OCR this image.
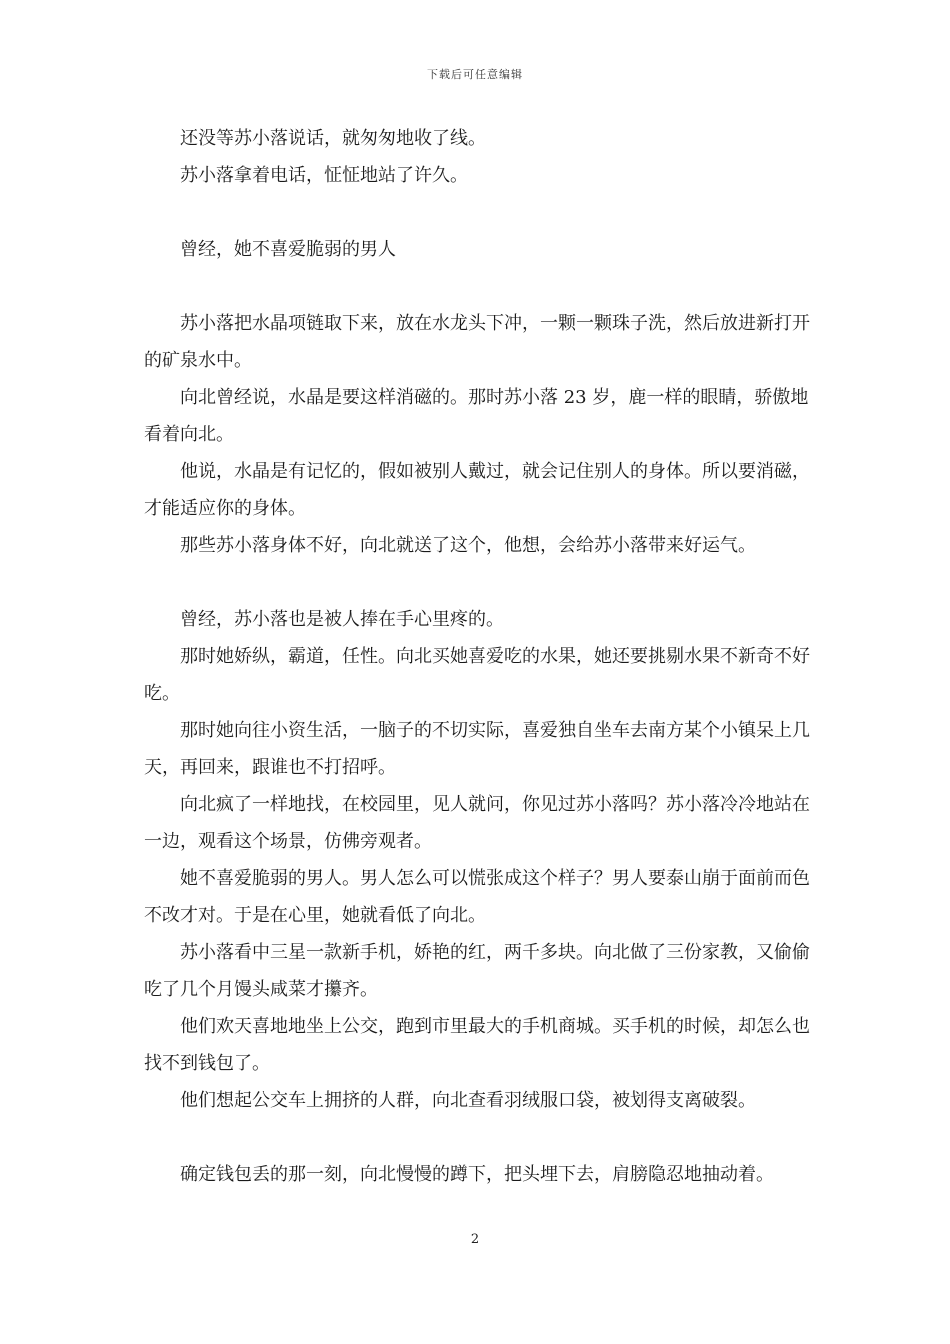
下载后可任意编辑

还没等苏小落说话，就匆匆地收了线。

苏小落拿着电话，怔怔地站了许久。

曾经，她不喜爱脆弱的男人

苏小落把水晶项链取下来，放在水龙头下冲，一颗一颗珠子洗，然后放进新打开的矿泉水中。

向北曾经说，水晶是要这样消磁的。那时苏小落 23 岁，鹿一样的眼睛，骄傲地看着向北。

他说，水晶是有记忆的，假如被别人戴过，就会记住别人的身体。所以要消磁，才能适应你的身体。

那些苏小落身体不好，向北就送了这个，他想，会给苏小落带来好运气。

曾经，苏小落也是被人捧在手心里疼的。

那时她娇纵，霸道，任性。向北买她喜爱吃的水果，她还要挑剔水果不新奇不好吃。

那时她向往小资生活，一脑子的不切实际，喜爱独自坐车去南方某个小镇呆上几天，再回来，跟谁也不打招呼。

向北疯了一样地找，在校园里，见人就问，你见过苏小落吗？苏小落冷冷地站在一边，观看这个场景，仿佛旁观者。

她不喜爱脆弱的男人。男人怎么可以慌张成这个样子？男人要泰山崩于面前而色不改才对。于是在心里，她就看低了向北。

苏小落看中三星一款新手机，娇艳的红，两千多块。向北做了三份家教，又偷偷吃了几个月馒头咸菜才攥齐。

他们欢天喜地地坐上公交，跑到市里最大的手机商城。买手机的时候，却怎么也找不到钱包了。

他们想起公交车上拥挤的人群，向北查看羽绒服口袋，被划得支离破裂。

确定钱包丢的那一刻，向北慢慢的蹲下，把头埋下去，肩膀隐忍地抽动着。

2
